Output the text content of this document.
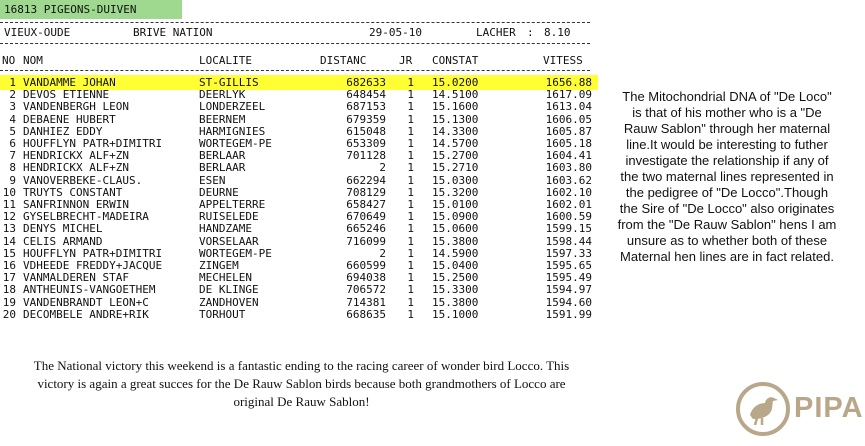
16813 PIGEONS-DUIVEN
VIEUX-OUDE	BRIVE NATION	29-05-10	LACHER : 8.10
NO NOM	LOCALITE	DISTANC	JR CONSTAT	VITESS
1 VANDAMME JOHAN	ST-GILLIS	682633	1 15.0200	1656.88
2 DEVOS ETIENNE	DEERLYK	648454	1 14.5100	1617.09
3 VANDENBERGH LEON	LONDERZEEL	687153	1 15.1600	1613.04
4 DEBAENE HUBERT	BEERNEM	679359	1 15.1300	1606.05
5 DANHIEZ EDDY	HARMIGNIES	615048	1 14.3300	1605.87
6 HOUFFLYN PATR+DIMITRI	WORTEGEM-PE	653309	1 14.5700	1605.18
7 HENDRICKX ALF+ZN	BERLAAR	701128	1 15.2700	1604.41
8 HENDRICKX ALF+ZN	BERLAAR	2	1 15.2710	1603.80
9 VANOVERBEKE-CLAUS.	ESEN	662294	1 15.0300	1603.62
10 TRUYTS CONSTANT	DEURNE	708129	1 15.3200	1602.10
11 SANFRINNON ERWIN	APPELTERRE	658427	1 15.0100	1602.01
12 GYSELBRECHT-MADEIRA	RUISELEDE	670649	1 15.0900	1600.59
13 DENYS MICHEL	HANDZAME	665246	1 15.0600	1599.15
14 CELIS ARMAND	VORSELAAR	716099	1 15.3800	1598.44
15 HOUFFLYN PATR+DIMITRI	WORTEGEM-PE	2	1 14.5900	1597.33
16 VDHEEDE FREDDY+JACQUE	ZINGEM	660599	1 15.0400	1595.65
17 VANMALDEREN STAF	MECHELEN	694038	1 15.2500	1595.49
18 ANTHEUNIS-VANGOETHEM	DE KLINGE	706572	1 15.3300	1594.97
19 VANDENBRANDT LEON+C	ZANDHOVEN	714381	1 15.3800	1594.60
20 DECOMBELE ANDRE+RIK	TORHOUT	668635	1 15.1000	1591.99
The Mitochondrial DNA of "De Loco" is that of his mother who is a "De Rauw Sablon" through her maternal line.It would be interesting to futher investigate the relationship if any of the two maternal lines represented in the pedigree of "De Locco".Though the Sire of "De Locco" also originates from the "De Rauw Sablon" hens I am unsure as to whether both of these Maternal hen lines are in fact related.
The National victory this weekend is a fantastic ending to the racing career of wonder bird Locco. This victory is again a great succes for the De Rauw Sablon birds because both grandmothers of Locco are original De Rauw Sablon!	PIPA
